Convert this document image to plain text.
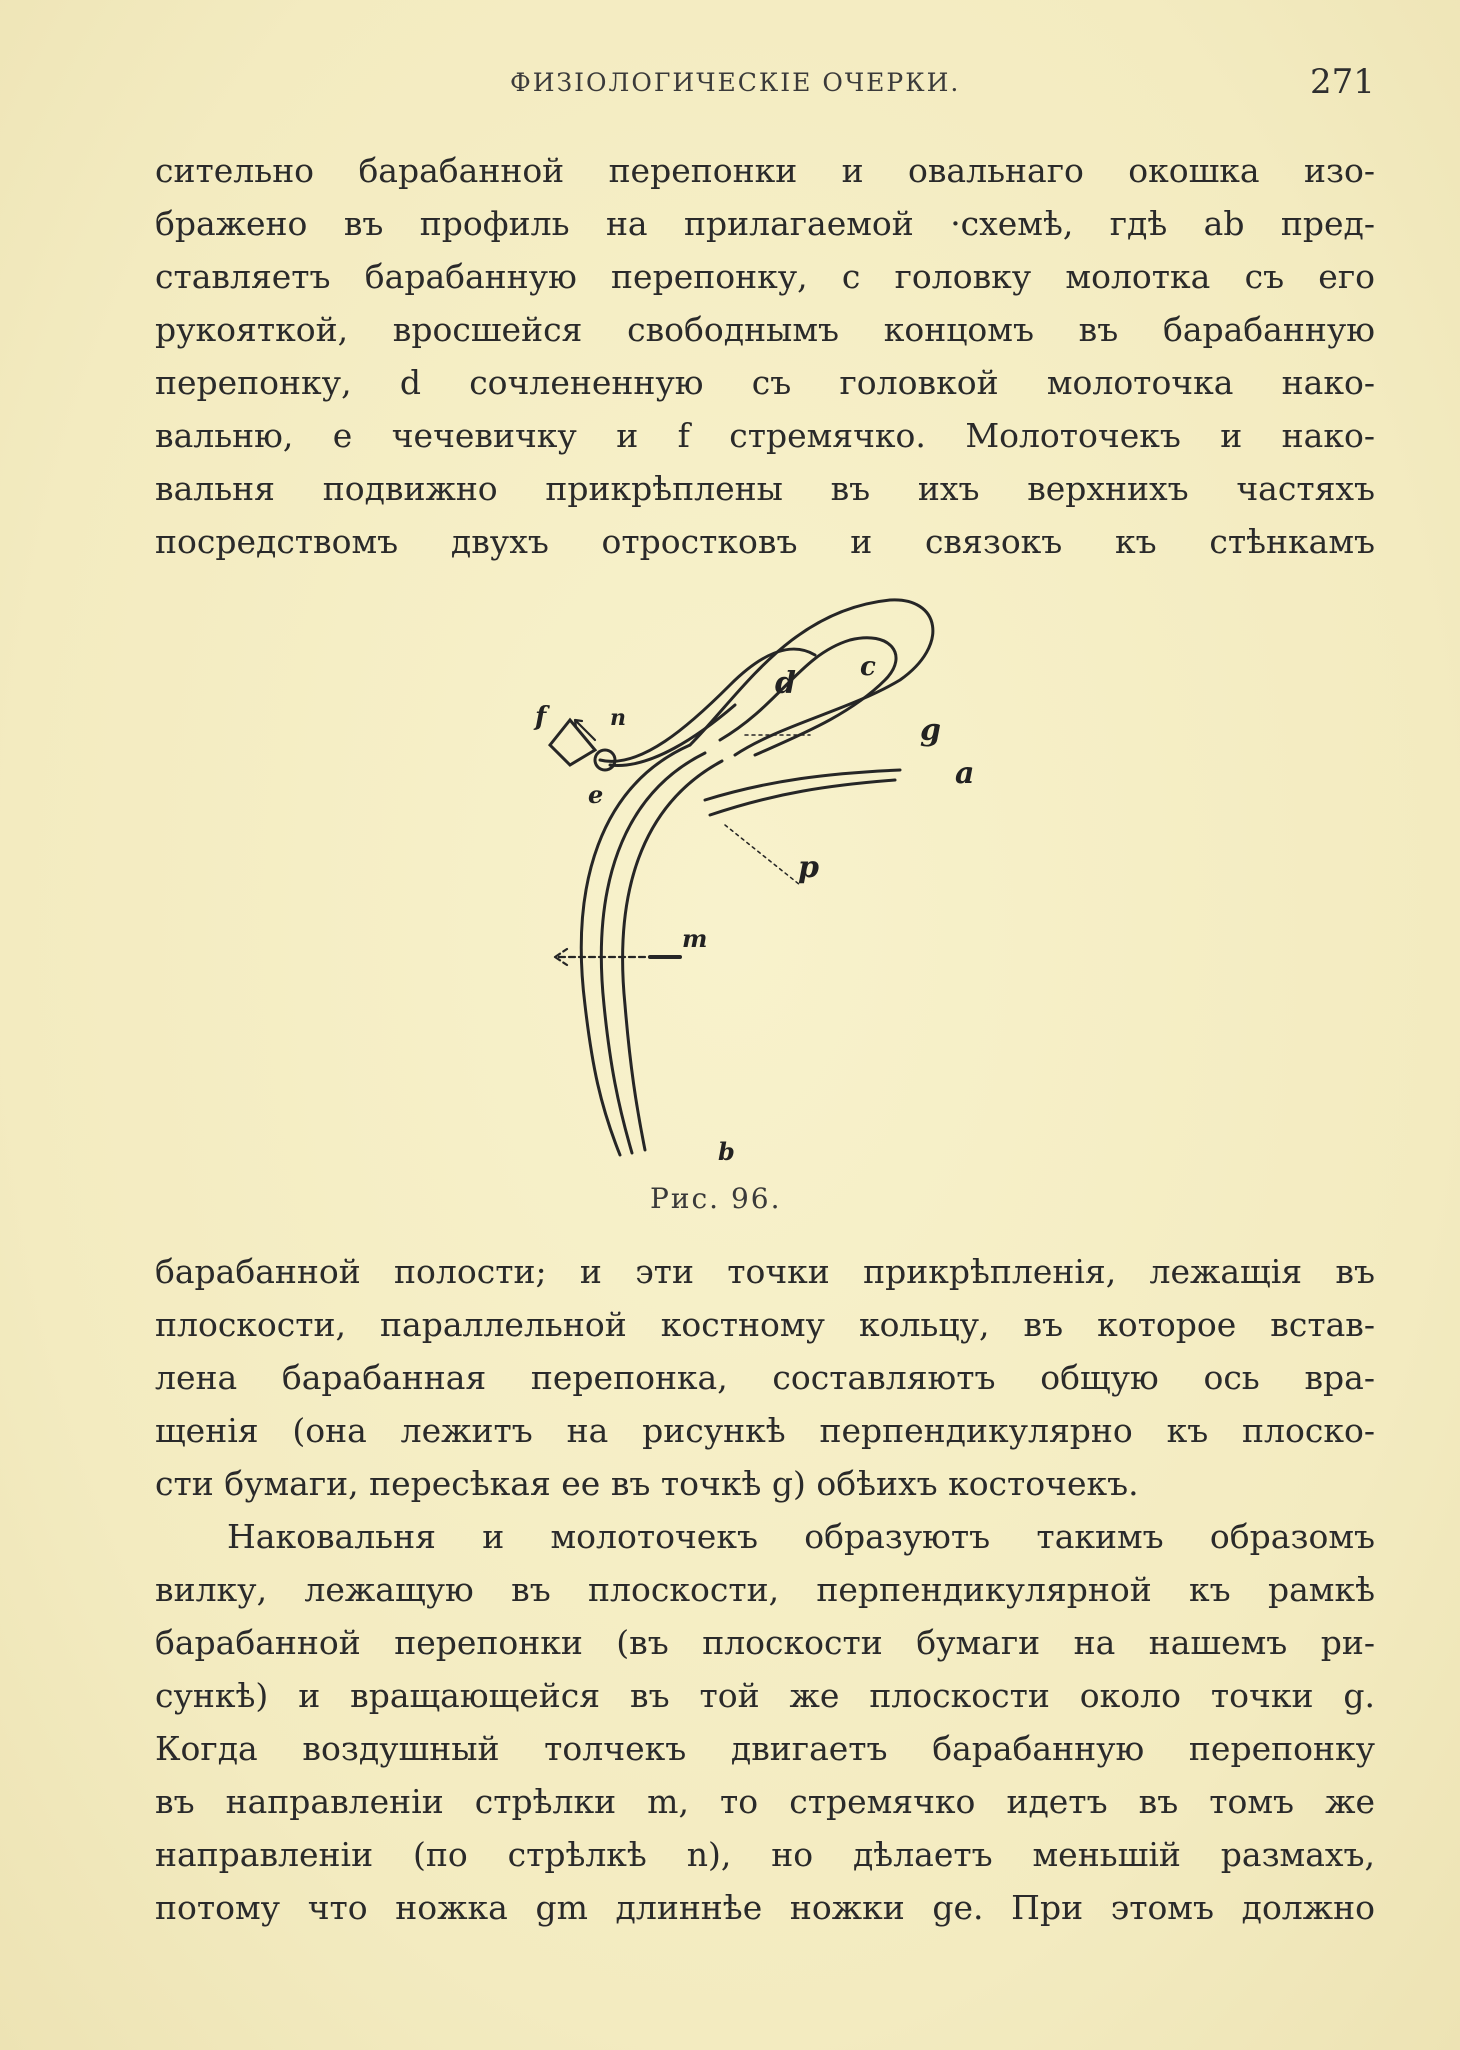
ФИЗIOЛОГИЧЕСКIЕ ОЧЕРКИ.	271
сительно барабанной перепонки и овальнаго окошка изо-
бражено въ профиль на прилагаемой ·схемѣ, гдѣ ab пред-
ставляетъ барабанную перепонку, c головку молотка съ его
рукояткой, вросшейся свободнымъ концомъ въ барабанную
перепонку, d сочлененную съ головкой молоточка нако-
вальню, e чечевичку и f стремячко. Молоточекъ и нако-
вальня подвижно прикрѣплены въ ихъ верхнихъ частяхъ
посредствомъ двухъ отростковъ и связокъ къ стѣнкамъ
f	n
e
d c
g
a
p
m
b
Рис. 96.
барабанной полости; и эти точки прикрѣпленiя, лежащiя въ
плоскости, параллельной костному кольцу, въ которое встав-
лена барабанная перепонка, составляютъ общую ось вра-
щенiя (она лежитъ на рисункѣ перпендикулярно къ плоско-
сти бумаги, пересѣкая ее въ точкѣ g) обѣихъ косточекъ.
Наковальня и молоточекъ образуютъ такимъ образомъ
вилку, лежащую въ плоскости, перпендикулярной къ рамкѣ
барабанной перепонки (въ плоскости бумаги на нашемъ ри-
сункѣ) и вращающейся въ той же плоскости около точки g.
Когда воздушный толчекъ двигаетъ барабанную перепонку
въ направленiи стрѣлки m, то стремячко идетъ въ томъ же
направленiи (по стрѣлкѣ n), но дѣлаетъ меньшiй размахъ,
потому что ножка gm длиннѣе ножки ge. При этомъ должно
